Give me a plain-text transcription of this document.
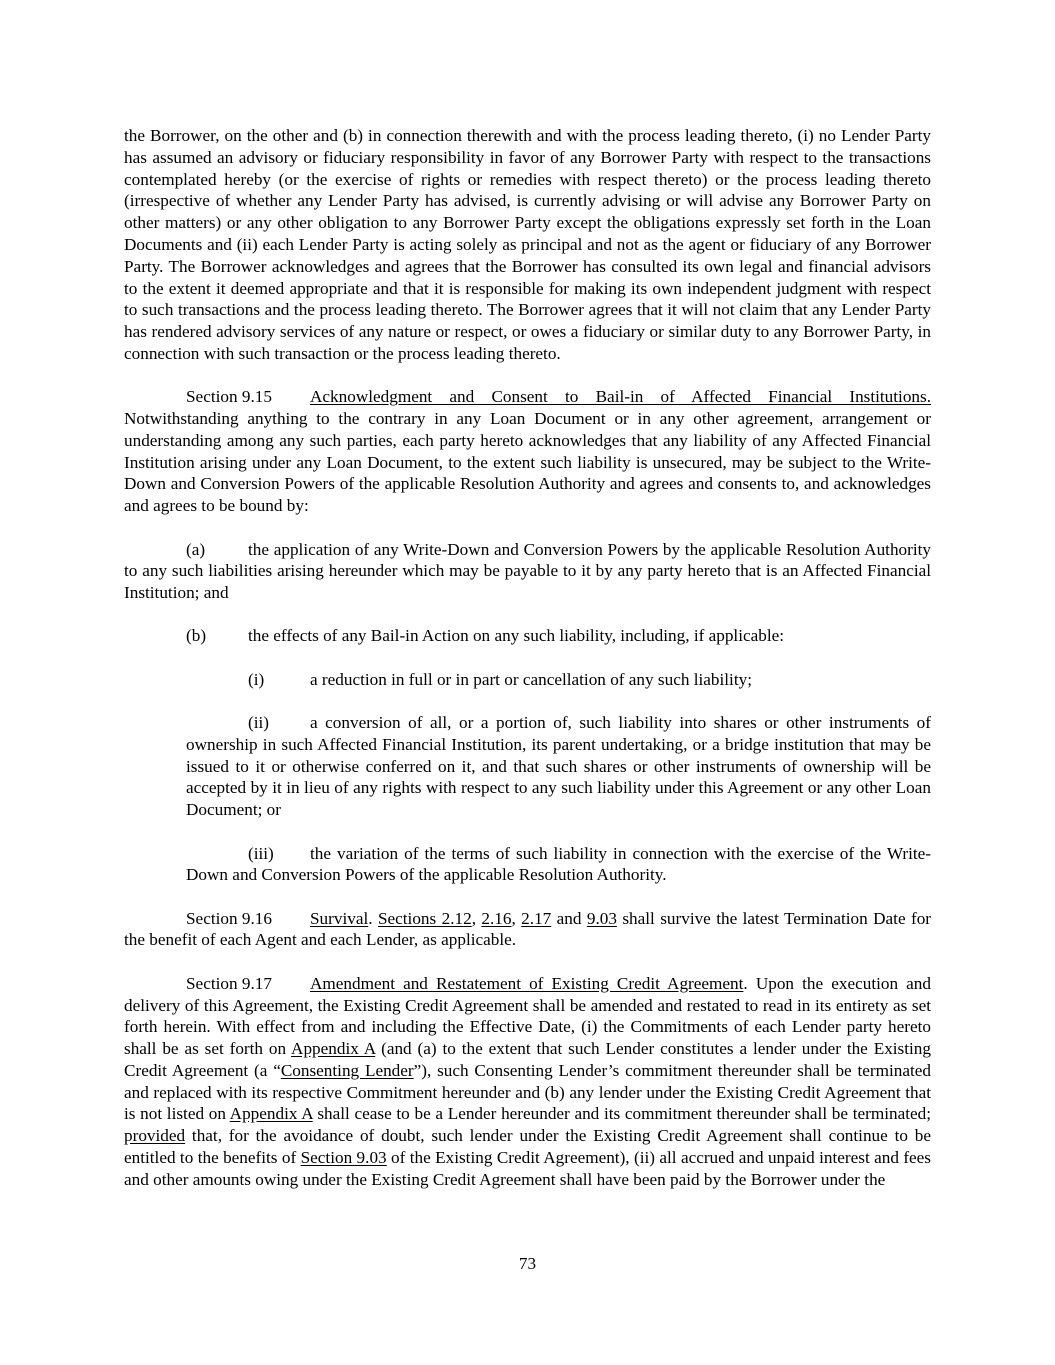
the Borrower, on the other and (b) in connection therewith and with the process leading thereto, (i) no Lender Party has assumed an advisory or fiduciary responsibility in favor of any Borrower Party with respect to the transactions contemplated hereby (or the exercise of rights or remedies with respect thereto) or the process leading thereto (irrespective of whether any Lender Party has advised, is currently advising or will advise any Borrower Party on other matters) or any other obligation to any Borrower Party except the obligations expressly set forth in the Loan Documents and (ii) each Lender Party is acting solely as principal and not as the agent or fiduciary of any Borrower Party. The Borrower acknowledges and agrees that the Borrower has consulted its own legal and financial advisors to the extent it deemed appropriate and that it is responsible for making its own independent judgment with respect to such transactions and the process leading thereto. The Borrower agrees that it will not claim that any Lender Party has rendered advisory services of any nature or respect, or owes a fiduciary or similar duty to any Borrower Party, in connection with such transaction or the process leading thereto.

Section 9.15 Acknowledgment and Consent to Bail-in of Affected Financial Institutions. Notwithstanding anything to the contrary in any Loan Document or in any other agreement, arrangement or understanding among any such parties, each party hereto acknowledges that any liability of any Affected Financial Institution arising under any Loan Document, to the extent such liability is unsecured, may be subject to the Write-Down and Conversion Powers of the applicable Resolution Authority and agrees and consents to, and acknowledges and agrees to be bound by:

(a) the application of any Write-Down and Conversion Powers by the applicable Resolution Authority to any such liabilities arising hereunder which may be payable to it by any party hereto that is an Affected Financial Institution; and

(b) the effects of any Bail-in Action on any such liability, including, if applicable:

(i)	a reduction in full or in part or cancellation of any such liability;

(ii) a conversion of all, or a portion of, such liability into shares or other instruments of ownership in such Affected Financial Institution, its parent undertaking, or a bridge institution that may be issued to it or otherwise conferred on it, and that such shares or other instruments of ownership will be accepted by it in lieu of any rights with respect to any such liability under this Agreement or any other Loan Document; or

(iii) the variation of the terms of such liability in connection with the exercise of the Write-Down and Conversion Powers of the applicable Resolution Authority.

Section 9.16 Survival. Sections 2.12, 2.16, 2.17 and 9.03 shall survive the latest Termination Date for the benefit of each Agent and each Lender, as applicable.

Section 9.17 Amendment and Restatement of Existing Credit Agreement. Upon the execution and delivery of this Agreement, the Existing Credit Agreement shall be amended and restated to read in its entirety as set forth herein. With effect from and including the Effective Date, (i) the Commitments of each Lender party hereto shall be as set forth on Appendix A (and (a) to the extent that such Lender constitutes a lender under the Existing Credit Agreement (a “Consenting Lender”), such Consenting Lender’s commitment thereunder shall be terminated and replaced with its respective Commitment hereunder and (b) any lender under the Existing Credit Agreement that is not listed on Appendix A shall cease to be a Lender hereunder and its commitment thereunder shall be terminated; provided that, for the avoidance of doubt, such lender under the Existing Credit Agreement shall continue to be entitled to the benefits of Section 9.03 of the Existing Credit Agreement), (ii) all accrued and unpaid interest and fees and other amounts owing under the Existing Credit Agreement shall have been paid by the Borrower under the

73
